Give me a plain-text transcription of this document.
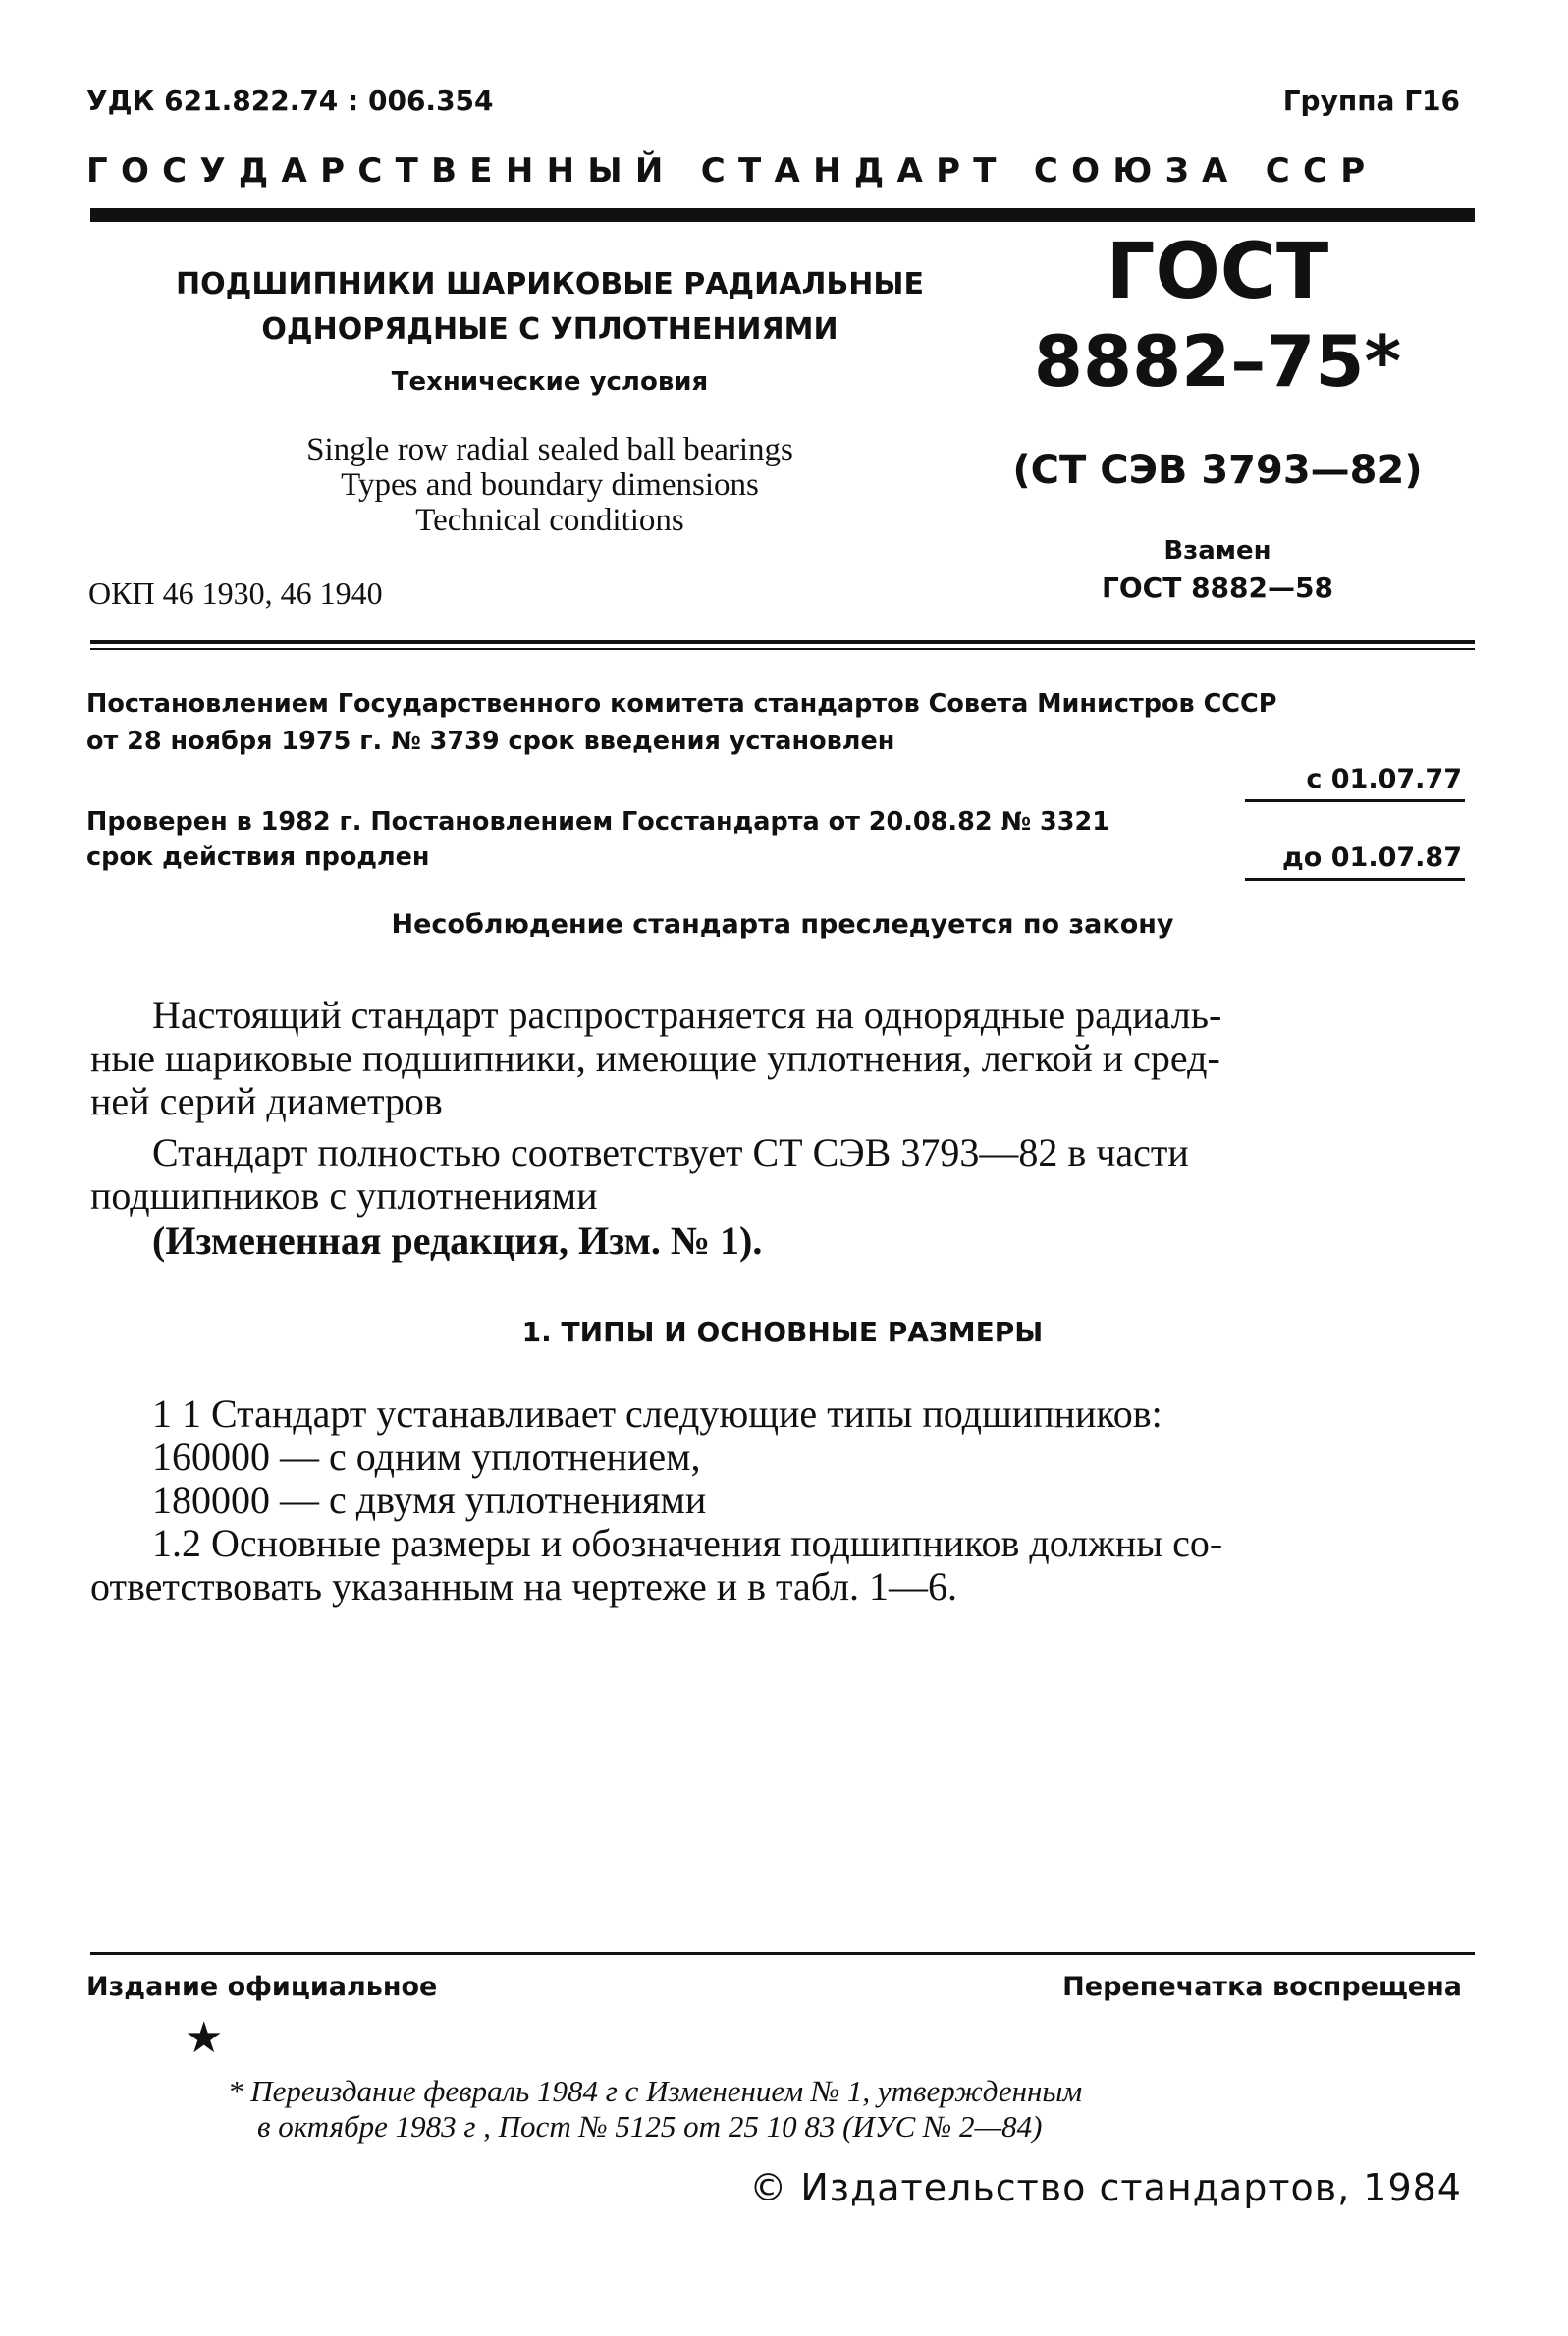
УДК 621.822.74 : 006.354	Группа Г16
ГОСУДАРСТВЕННЫЙ СТАНДАРТ СОЮЗА ССР
ПОДШИПНИКИ ШАРИКОВЫЕ РАДИАЛЬНЫЕ
ОДНОРЯДНЫЕ С УПЛОТНЕНИЯМИ
Технические условия
Single row radial sealed ball bearings
Types and boundary dimensions
Technical conditions
ОКП 46 1930, 46 1940
ГОСТ
8882–75*
(СТ СЭВ 3793—82)
Взамен
ГОСТ 8882—58
Постановлением Государственного комитета стандартов Совета Министров СССР
от 28 ноября 1975 г. № 3739 срок введения установлен
с 01.07.77
Проверен в 1982 г. Постановлением Госстандарта от 20.08.82 № 3321
срок действия продлен	до 01.07.87
Несоблюдение стандарта преследуется по закону
Настоящий стандарт распространяется на однорядные радиаль-
ные шариковые подшипники, имеющие уплотнения, легкой и сред-
ней серий диаметров
Стандарт полностью соответствует СТ СЭВ 3793—82 в части
подшипников с уплотнениями
(Измененная редакция, Изм. № 1).
1. ТИПЫ И ОСНОВНЫЕ РАЗМЕРЫ
1 1 Стандарт устанавливает следующие типы подшипников:
160000 — с одним уплотнением,
180000 — с двумя уплотнениями
1.2 Основные размеры и обозначения подшипников должны со-
ответствовать указанным на чертеже и в табл. 1—6.
Издание официальное	Перепечатка воспрещена
★
* Переиздание февраль 1984 г с Изменением № 1, утвержденным
в октябре 1983 г , Пост № 5125 от 25 10 83 (ИУС № 2—84)
© Издательство стандартов, 1984
